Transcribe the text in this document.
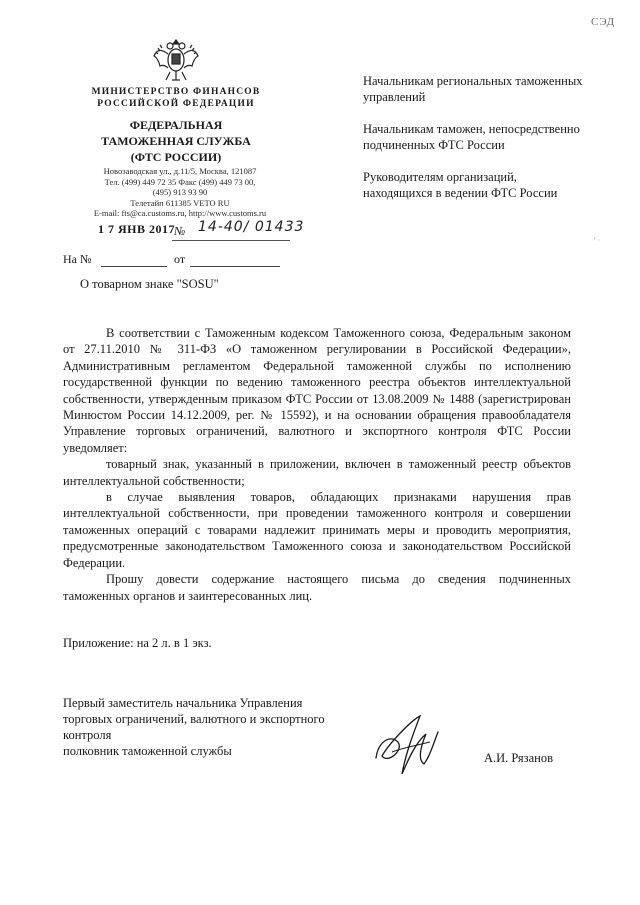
СЭД
МИНИСТЕРСТВО ФИНАНСОВ
РОССИЙСКОЙ ФЕДЕРАЦИИ
ФЕДЕРАЛЬНАЯ
ТАМОЖЕННАЯ СЛУЖБА
(ФТС РОССИИ)
Новозаводская ул., д.11/5, Москва, 121087
Тел. (499) 449 72 35 Факс (499) 449 73 00,
(495) 913 93 90
Телетайп 611385 VETO RU
E-mail: fts@ca.customs.ru, http://www.customs.ru
1 7 ЯНВ 2017
№ 14-40/ 01433
На №	от
О товарном знаке "SOSU"
Начальникам региональных таможенных управлений
Начальникам таможен, непосредственно подчиненных ФТС России
Руководителям организаций, находящихся в ведении ФТС России
' ·

В соответствии с Таможенным кодексом Таможенного союза, Федеральным законом от 27.11.2010 № 311-ФЗ «О таможенном регулировании в Российской Федерации», Административным регламентом Федеральной таможенной службы по исполнению государственной функции по ведению таможенного реестра объектов интеллектуальной собственности, утвержденным приказом ФТС России от 13.08.2009 № 1488 (зарегистрирован Минюстом России 14.12.2009, рег. № 15592), и на основании обращения правообладателя Управление торговых ограничений, валютного и экспортного контроля ФТС России уведомляет:

товарный знак, указанный в приложении, включен в таможенный реестр объектов интеллектуальной собственности;

в случае выявления товаров, обладающих признаками нарушения прав интеллектуальной собственности, при проведении таможенного контроля и совершении таможенных операций с товарами надлежит принимать меры и проводить мероприятия, предусмотренные законодательством Таможенного союза и законодательством Российской Федерации.

Прошу довести содержание настоящего письма до сведения подчиненных таможенных органов и заинтересованных лиц.

Приложение: на 2 л. в 1 экз.
Первый заместитель начальника Управления
торговых ограничений, валютного и экспортного
контроля
полковник таможенной службы	А.И. Рязанов
